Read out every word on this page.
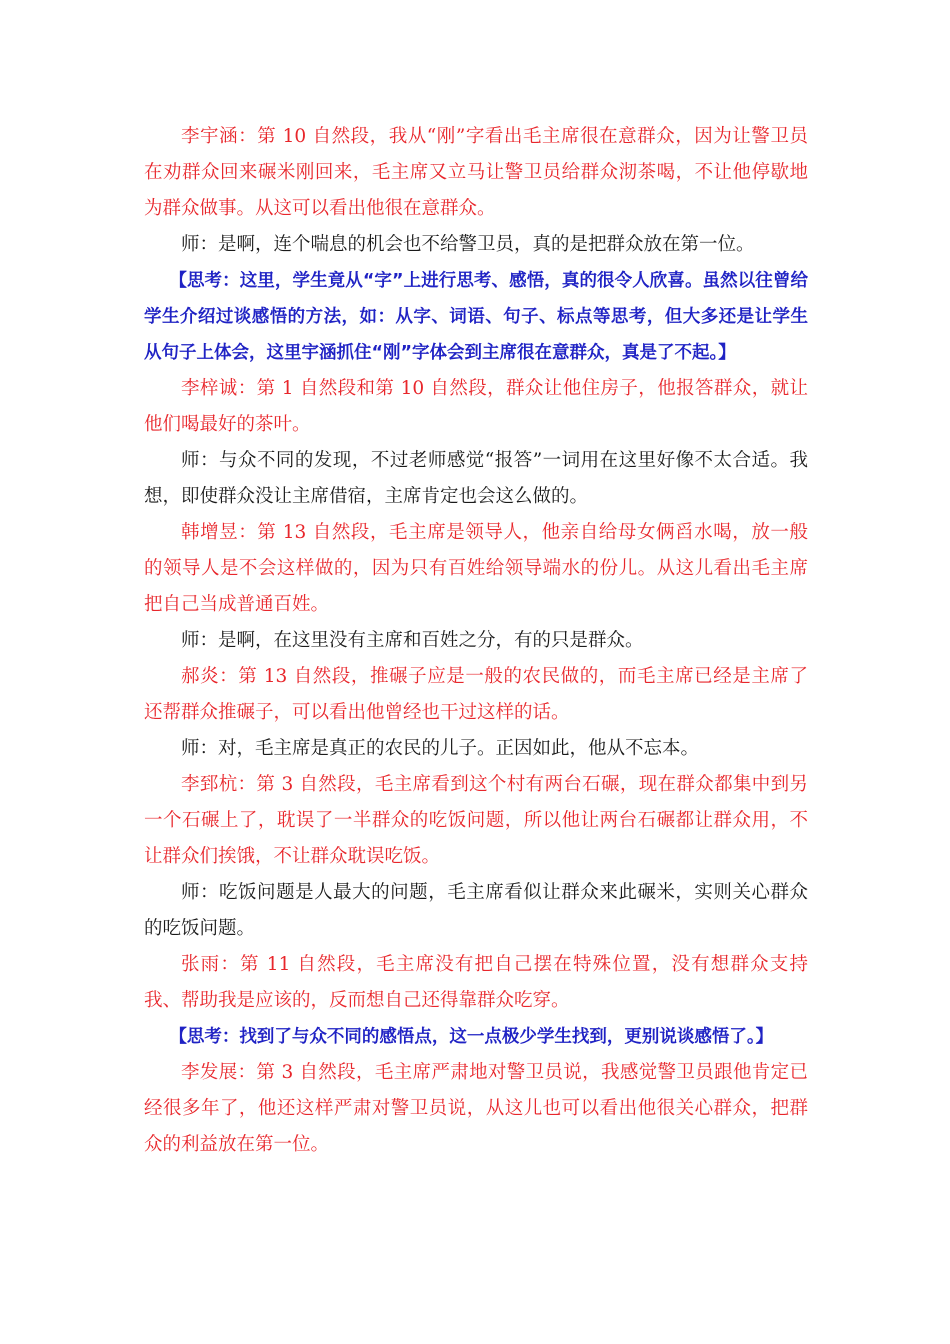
李宇涵：第 10 自然段，我从“刚”字看出毛主席很在意群众，因为让警卫员在劝群众回来碾米刚回来，毛主席又立马让警卫员给群众沏茶喝，不让他停歇地为群众做事。从这可以看出他很在意群众。

师：是啊，连个喘息的机会也不给警卫员，真的是把群众放在第一位。

【思考：这里，学生竟从“字”上进行思考、感悟，真的很令人欣喜。虽然以往曾给学生介绍过谈感悟的方法，如：从字、词语、句子、标点等思考，但大多还是让学生从句子上体会，这里宇涵抓住“刚”字体会到主席很在意群众，真是了不起。】

李梓诚：第 1 自然段和第 10 自然段，群众让他住房子，他报答群众，就让他们喝最好的茶叶。

师：与众不同的发现，不过老师感觉“报答”一词用在这里好像不太合适。我想，即使群众没让主席借宿，主席肯定也会这么做的。

韩增昱：第 13 自然段，毛主席是领导人，他亲自给母女俩舀水喝，放一般的领导人是不会这样做的，因为只有百姓给领导端水的份儿。从这儿看出毛主席把自己当成普通百姓。

师：是啊，在这里没有主席和百姓之分，有的只是群众。

郝炎：第 13 自然段，推碾子应是一般的农民做的，而毛主席已经是主席了还帮群众推碾子，可以看出他曾经也干过这样的话。

师：对，毛主席是真正的农民的儿子。正因如此，他从不忘本。

李郅杭：第 3 自然段，毛主席看到这个村有两台石碾，现在群众都集中到另一个石碾上了，耽误了一半群众的吃饭问题，所以他让两台石碾都让群众用，不让群众们挨饿，不让群众耽误吃饭。

师：吃饭问题是人最大的问题，毛主席看似让群众来此碾米，实则关心群众的吃饭问题。

张雨：第 11 自然段，毛主席没有把自己摆在特殊位置，没有想群众支持我、帮助我是应该的，反而想自己还得靠群众吃穿。

【思考：找到了与众不同的感悟点，这一点极少学生找到，更别说谈感悟了。】

李发展：第 3 自然段，毛主席严肃地对警卫员说，我感觉警卫员跟他肯定已经很多年了，他还这样严肃对警卫员说，从这儿也可以看出他很关心群众，把群众的利益放在第一位。
